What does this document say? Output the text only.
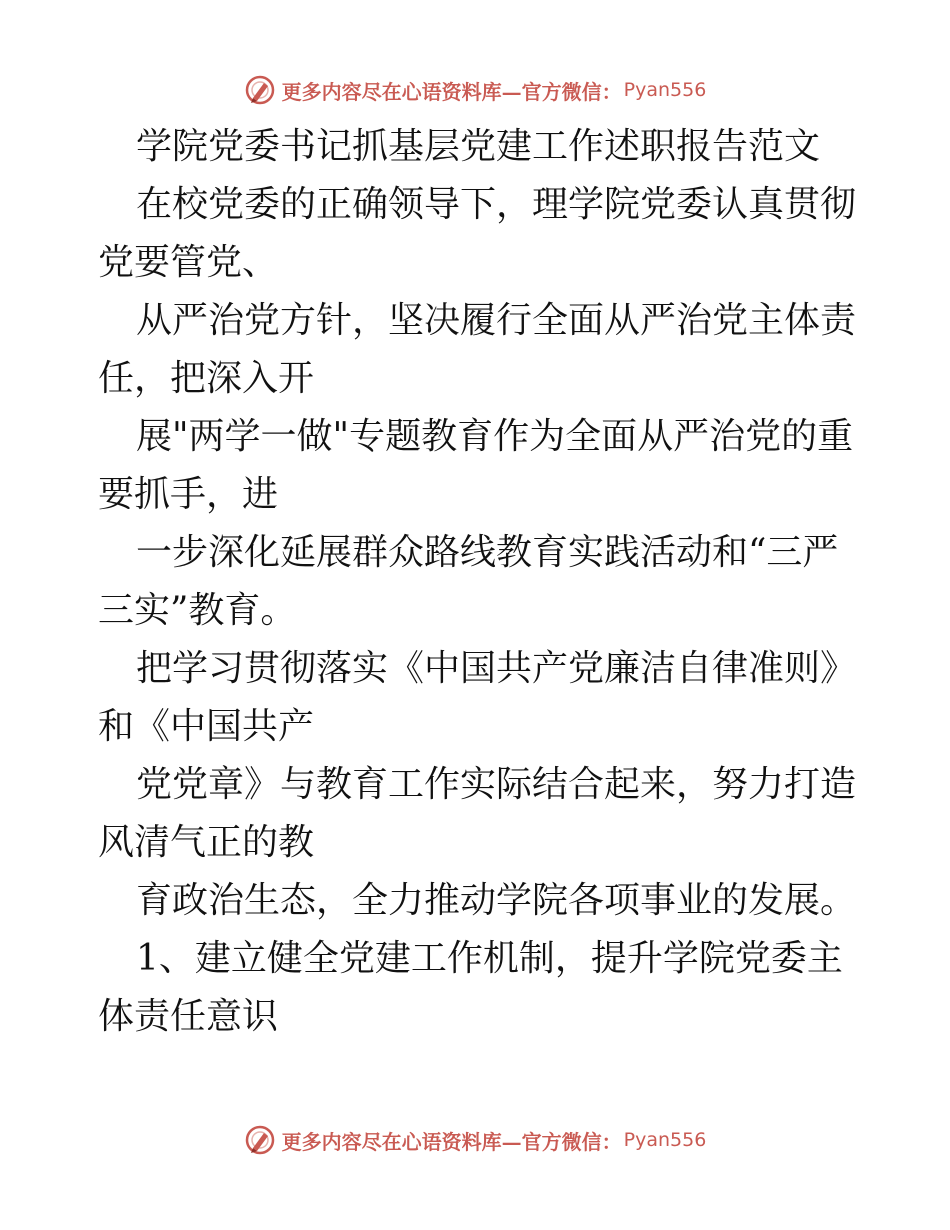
更多内容尽在心语资料库—官方微信： Pyan556

学院党委书记抓基层党建工作述职报告范文

在校党委的正确领导下，理学院党委认真贯彻党要管党、

从严治党方针，坚决履行全面从严治党主体责任，把深入开

展"两学一做"专题教育作为全面从严治党的重要抓手，进

一步深化延展群众路线教育实践活动和“三严三实”教育。

把学习贯彻落实《中国共产党廉洁自律准则》和《中国共产

党党章》与教育工作实际结合起来，努力打造风清气正的教

育政治生态，全力推动学院各项事业的发展。

1、建立健全党建工作机制，提升学院党委主体责任意识

更多内容尽在心语资料库—官方微信： Pyan556
